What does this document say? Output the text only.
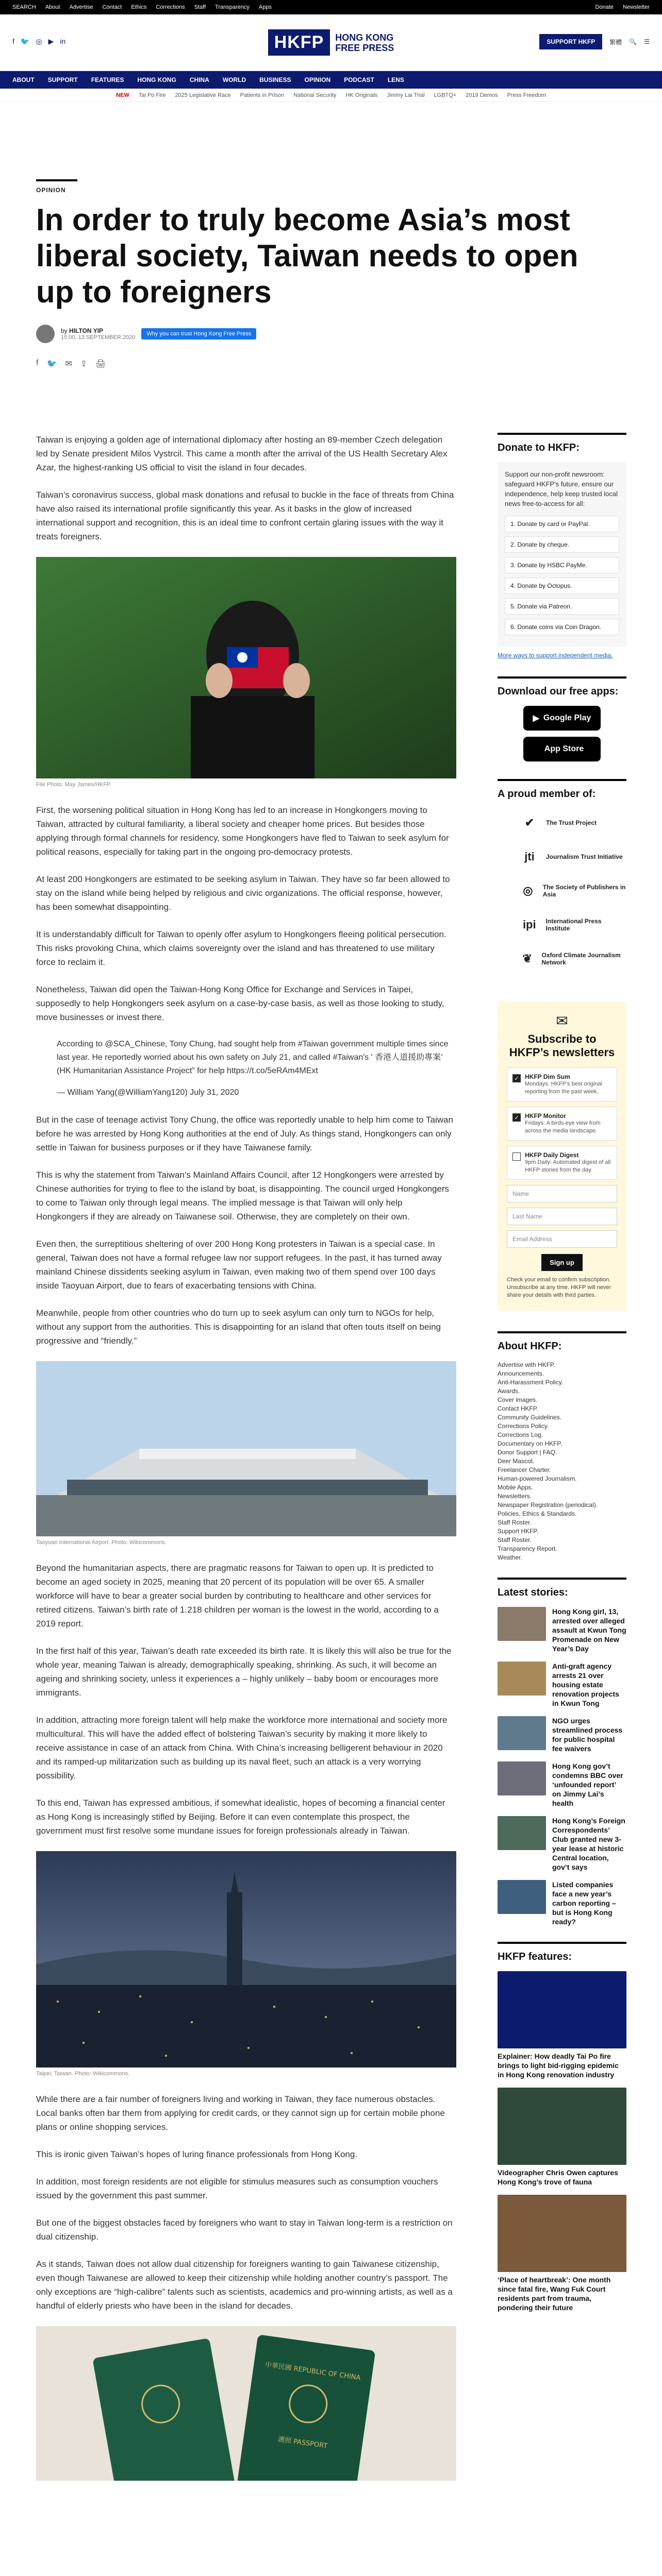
SEARCH About Advertise Contact Ethics Corrections Staff Transparency Apps	Donate Newsletter
f 🐦 ◎ ▶ in	HKFP	HONG KONG
FREE PRESS
SUPPORT HKFP	繁體 🔍 ☰
ABOUT SUPPORT FEATURES HONG KONG CHINA WORLD BUSINESS OPINION PODCAST LENS
NEW Tai Po Fire 2025 Legislative Race Patients in Prison National Security HK Originals Jimmy Lai Trial LGBTQ+ 2019 Demos Press Freedom
OPINION
In order to truly become Asia’s most liberal society, Taiwan needs to open up to foreigners
by HILTON YIP
15:00, 13 SEPTEMBER 2020
Why you can trust Hong Kong Free Press
f 🐦 ✉ ⇪ 🖨

Taiwan is enjoying a golden age of international diplomacy after hosting an 89-member Czech delegation led by Senate president Milos Vystrcil. This came a month after the arrival of the US Health Secretary Alex Azar, the highest-ranking US official to visit the island in four decades.

Taiwan’s coronavirus success, global mask donations and refusal to buckle in the face of threats from China have also raised its international profile significantly this year. As it basks in the glow of increased international support and recognition, this is an ideal time to confront certain glaring issues with the way it treats foreigners.

File Photo: May James/HKFP.

First, the worsening political situation in Hong Kong has led to an increase in Hongkongers moving to Taiwan, attracted by cultural familiarity, a liberal society and cheaper home prices. But besides those applying through formal channels for residency, some Hongkongers have fled to Taiwan to seek asylum for political reasons, especially for taking part in the ongoing pro-democracy protests.

At least 200 Hongkongers are estimated to be seeking asylum in Taiwan. They have so far been allowed to stay on the island while being helped by religious and civic organizations. The official response, however, has been somewhat disappointing.

It is understandably difficult for Taiwan to openly offer asylum to Hongkongers fleeing political persecution. This risks provoking China, which claims sovereignty over the island and has threatened to use military force to reclaim it.

Nonetheless, Taiwan did open the Taiwan-Hong Kong Office for Exchange and Services in Taipei, supposedly to help Hongkongers seek asylum on a case-by-case basis, as well as those looking to study, move businesses or invest there.

According to @SCA_Chinese, Tony Chung, had sought help from #Taiwan government multiple times since last year. He reportedly worried about his own safety on July 21, and called #Taiwan's ' 香港人道援助專案’ (HK Humanitarian Assistance Project” for help https://t.co/5eRAm4MExt
— William Yang(@WilliamYang120) July 31, 2020

But in the case of teenage activist Tony Chung, the office was reportedly unable to help him come to Taiwan before he was arrested by Hong Kong authorities at the end of July. As things stand, Hongkongers can only settle in Taiwan for business purposes or if they have Taiwanese family.

This is why the statement from Taiwan’s Mainland Affairs Council, after 12 Hongkongers were arrested by Chinese authorities for trying to flee to the island by boat, is disappointing. The council urged Hongkongers to come to Taiwan only through legal means. The implied message is that Taiwan will only help Hongkongers if they are already on Taiwanese soil. Otherwise, they are completely on their own.

Even then, the surreptitious sheltering of over 200 Hong Kong protesters in Taiwan is a special case. In general, Taiwan does not have a formal refugee law nor support refugees. In the past, it has turned away mainland Chinese dissidents seeking asylum in Taiwan, even making two of them spend over 100 days inside Taoyuan Airport, due to fears of exacerbating tensions with China.

Meanwhile, people from other countries who do turn up to seek asylum can only turn to NGOs for help, without any support from the authorities. This is disappointing for an island that often touts itself on being progressive and “friendly.”

Taoyuan International Airport. Photo: Wikicommons.

Beyond the humanitarian aspects, there are pragmatic reasons for Taiwan to open up. It is predicted to become an aged society in 2025, meaning that 20 percent of its population will be over 65. A smaller workforce will have to bear a greater social burden by contributing to healthcare and other services for retired citizens. Taiwan’s birth rate of 1.218 children per woman is the lowest in the world, according to a 2019 report.

In the first half of this year, Taiwan’s death rate exceeded its birth rate. It is likely this will also be true for the whole year, meaning Taiwan is already, demographically speaking, shrinking. As such, it will become an ageing and shrinking society, unless it experiences a – highly unlikely – baby boom or encourages more immigrants.

In addition, attracting more foreign talent will help make the workforce more international and society more multicultural. This will have the added effect of bolstering Taiwan’s security by making it more likely to receive assistance in case of an attack from China. With China’s increasing belligerent behaviour in 2020 and its ramped-up militarization such as building up its naval fleet, such an attack is a very worrying possibility.

To this end, Taiwan has expressed ambitious, if somewhat idealistic, hopes of becoming a financial center as Hong Kong is increasingly stifled by Beijing. Before it can even contemplate this prospect, the government must first resolve some mundane issues for foreign professionals already in Taiwan.

Taipei, Taiwan. Photo: Wikicommons.

While there are a fair number of foreigners living and working in Taiwan, they face numerous obstacles. Local banks often bar them from applying for credit cards, or they cannot sign up for certain mobile phone plans or online shopping services.

This is ironic given Taiwan’s hopes of luring finance professionals from Hong Kong.

In addition, most foreign residents are not eligible for stimulus measures such as consumption vouchers issued by the government this past summer.

But one of the biggest obstacles faced by foreigners who want to stay in Taiwan long-term is a restriction on dual citizenship.

As it stands, Taiwan does not allow dual citizenship for foreigners wanting to gain Taiwanese citizenship, even though Taiwanese are allowed to keep their citizenship while holding another country’s passport. The only exceptions are “high-calibre” talents such as scientists, academics and pro-winning artists, as well as a handful of elderly priests who have been in the island for decades.

中華民國 REPUBLIC OF CHINA
護照 PASSPORT
Donate to HKFP:
Support our non-profit newsroom: safeguard HKFP's future, ensure our independence, help keep trusted local news free-to-access for all:
1. Donate by card or PayPal.
2. Donate by cheque.
3. Donate by HSBC PayMe.
4. Donate by Octopus.
5. Donate via Patreon.
6. Donate coins via Coin Dragon.
More ways to support independent media.
Download our free apps:
▶ Google Play
App Store
A proud member of:
✔	The Trust Project
jti	Journalism Trust Initiative
◎	The Society of Publishers in Asia
ipi	International Press Institute
❦	Oxford Climate Journalism Network
✉
Subscribe to HKFP’s newsletters
✓ HKFP Dim Sum
Mondays: HKFP's best original reporting from the past week.
✓ HKFP Monitor
Fridays: A birds-eye view from across the media landscape.
HKFP Daily Digest
9pm Daily: Automated digest of all HKFP stories from the day.
Name
Last Name
Email Address
Sign up
Check your email to confirm subscription. Unsubscribe at any time. HKFP will never share your details with third parties.
About HKFP:
Advertise with HKFP.
Announcements.
Anti-Harassment Policy.
Awards.
Cover images.
Contact HKFP.
Community Guidelines.
Corrections Policy.
Corrections Log.
Documentary on HKFP.
Donor Support | FAQ.
Deer Mascot.
Freelancer Charter.
Human-powered Journalism.
Mobile Apps.
Newsletters.
Newspaper Registration (periodical).
Policies, Ethics & Standards.
Staff Roster.
Support HKFP.
Staff Roster.
Transparency Report.
Weather.
Latest stories:
Hong Kong girl, 13, arrested over alleged assault at Kwun Tong Promenade on New Year’s Day
Anti-graft agency arrests 21 over housing estate renovation projects in Kwun Tong
NGO urges streamlined process for public hospital fee waivers
Hong Kong gov’t condemns BBC over ‘unfounded report’ on Jimmy Lai’s health
Hong Kong’s Foreign Correspondents’ Club granted new 3-year lease at historic Central location, gov’t says
Listed companies face a new year’s carbon reporting – but is Hong Kong ready?
HKFP features:
Explainer: How deadly Tai Po fire brings to light bid-rigging epidemic in Hong Kong renovation industry
Videographer Chris Owen captures Hong Kong’s trove of fauna
‘Place of heartbreak’: One month since fatal fire, Wang Fuk Court residents part from trauma, pondering their future
